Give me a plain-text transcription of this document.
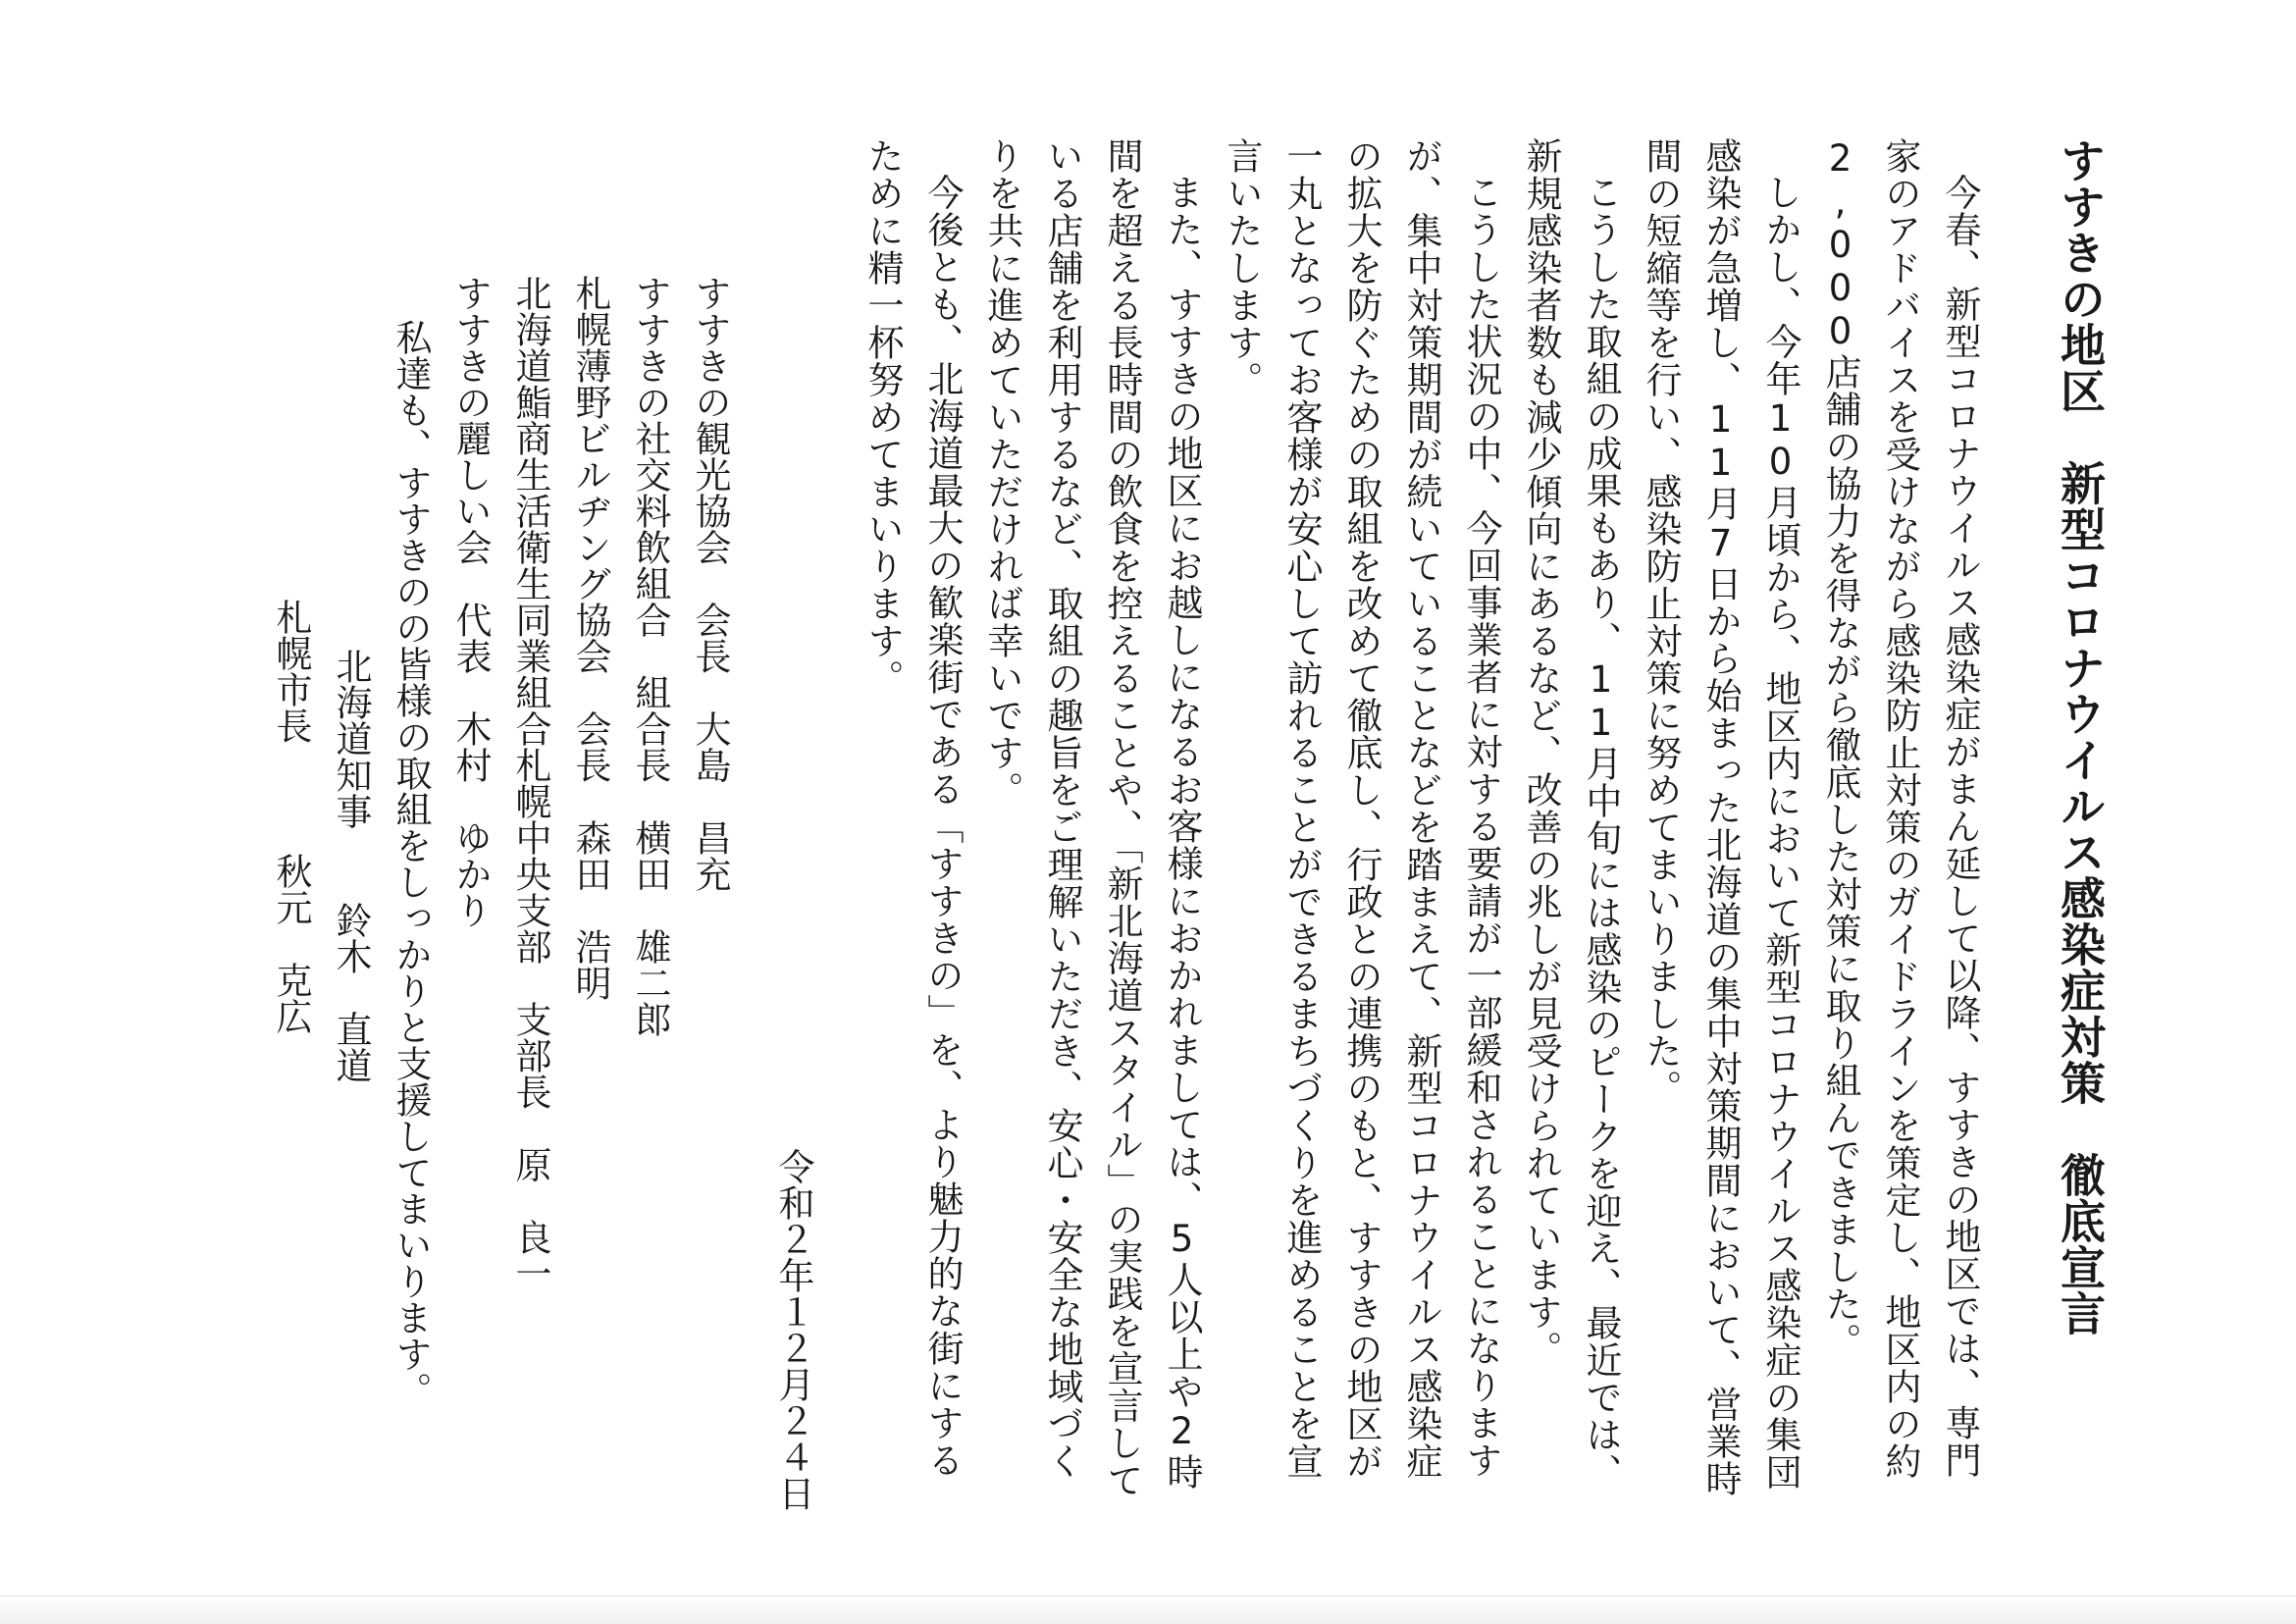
すすきの地区　新型コロナウイルス感染症対策　徹底宣言

今春、新型コロナウイルス感染症がまん延して以降、すすきの地区では、専門家のアドバイスを受けながら感染防止対策のガイドラインを策定し、地区内の約2,000店舗の協力を得ながら徹底した対策に取り組んできました。

しかし、今年10月頃から、地区内において新型コロナウイルス感染症の集団感染が急増し、11月7日から始まった北海道の集中対策期間において、営業時間の短縮等を行い、感染防止対策に努めてまいりました。

こうした取組の成果もあり、11月中旬には感染のピークを迎え、最近では、新規感染者数も減少傾向にあるなど、改善の兆しが見受けられています。

こうした状況の中、今回事業者に対する要請が一部緩和されることになりますが、集中対策期間が続いていることなどを踏まえて、新型コロナウイルス感染症の拡大を防ぐための取組を改めて徹底し、行政との連携のもと、すすきの地区が一丸となってお客様が安心して訪れることができるまちづくりを進めることを宣言いたします。

また、すすきの地区にお越しになるお客様におかれましては、5人以上や2時間を超える長時間の飲食を控えることや、「新北海道スタイル」の実践を宣言している店舗を利用するなど、取組の趣旨をご理解いただき、安心・安全な地域づくりを共に進めていただければ幸いです。

今後とも、北海道最大の歓楽街である「すすきの」を、より魅力的な街にするために精一杯努めてまいります。

令和２年１２月２４日

すすきの観光協会　会長　大島　昌充

すすきの社交料飲組合　組合長　横田　雄二郎

札幌薄野ビルヂング協会　会長　森田　浩明

北海道鮨商生活衛生同業組合札幌中央支部　支部長　原　良一

すすきの麗しい会　代表　木村　ゆかり

私達も、すすきのの皆様の取組をしっかりと支援してまいります。

北海道知事　　鈴木　直道

札幌市長　　　秋元　克広
